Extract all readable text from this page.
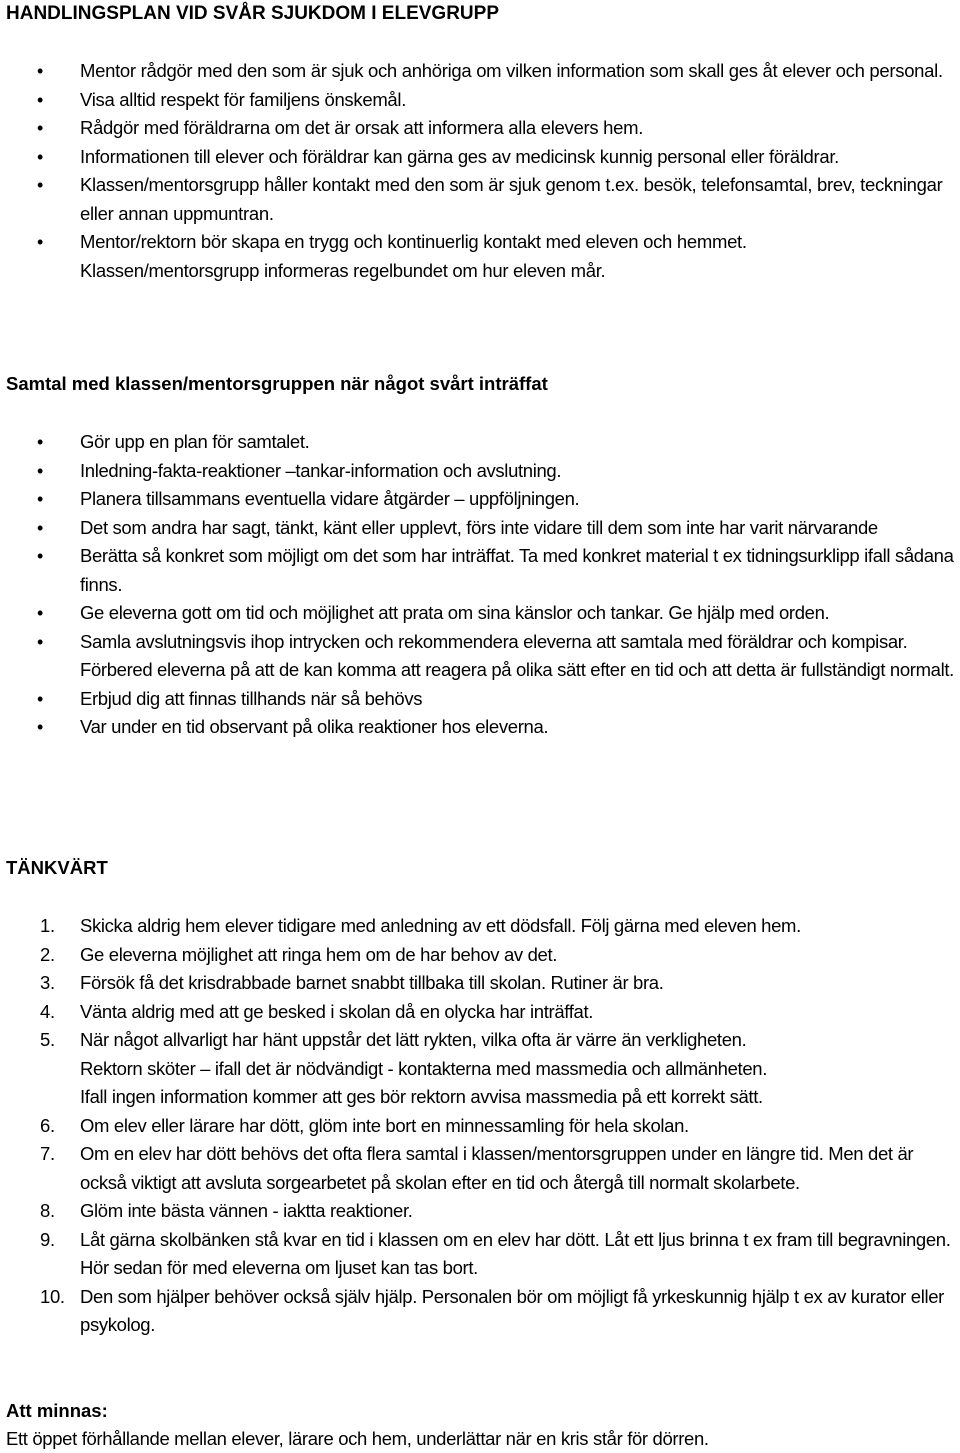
HANDLINGSPLAN VID SVÅR SJUKDOM I ELEVGRUPP
• Mentor rådgör med den som är sjuk och anhöriga om vilken information som skall ges åt elever och personal.
• Visa alltid respekt för familjens önskemål.
• Rådgör med föräldrarna om det är orsak att informera alla elevers hem.
• Informationen till elever och föräldrar kan gärna ges av medicinsk kunnig personal eller föräldrar.
• Klassen/mentorsgrupp håller kontakt med den som är sjuk genom t.ex. besök, telefonsamtal, brev, teckningar eller annan uppmuntran.
• Mentor/rektorn bör skapa en trygg och kontinuerlig kontakt med eleven och hemmet.
Klassen/mentorsgrupp informeras regelbundet om hur eleven mår.
Samtal med klassen/mentorsgruppen när något svårt inträffat
• Gör upp en plan för samtalet.
• Inledning-fakta-reaktioner –tankar-information och avslutning.
• Planera tillsammans eventuella vidare åtgärder – uppföljningen.
• Det som andra har sagt, tänkt, känt eller upplevt, förs inte vidare till dem som inte har varit närvarande
• Berätta så konkret som möjligt om det som har inträffat. Ta med konkret material t ex tidningsurklipp ifall sådana finns.
• Ge eleverna gott om tid och möjlighet att prata om sina känslor och tankar. Ge hjälp med orden.
• Samla avslutningsvis ihop intrycken och rekommendera eleverna att samtala med föräldrar och kompisar. Förbered eleverna på att de kan komma att reagera på olika sätt efter en tid och att detta är fullständigt normalt.
• Erbjud dig att finnas tillhands när så behövs
• Var under en tid observant på olika reaktioner hos eleverna.
TÄNKVÄRT
1.	Skicka aldrig hem elever tidigare med anledning av ett dödsfall. Följ gärna med eleven hem.
2.	Ge eleverna möjlighet att ringa hem om de har behov av det.
3.	Försök få det krisdrabbade barnet snabbt tillbaka till skolan. Rutiner är bra.
4.	Vänta aldrig med att ge besked i skolan då en olycka har inträffat.
5.	När något allvarligt har hänt uppstår det lätt rykten, vilka ofta är värre än verkligheten.
Rektorn sköter – ifall det är nödvändigt - kontakterna med massmedia och allmänheten.
Ifall ingen information kommer att ges bör rektorn avvisa massmedia på ett korrekt sätt.
6.	Om elev eller lärare har dött, glöm inte bort en minnessamling för hela skolan.
7.	Om en elev har dött behövs det ofta flera samtal i klassen/mentorsgruppen under en längre tid. Men det är också viktigt att avsluta sorgearbetet på skolan efter en tid och återgå till normalt skolarbete.
8.	Glöm inte bästa vännen - iaktta reaktioner.
9.	Låt gärna skolbänken stå kvar en tid i klassen om en elev har dött. Låt ett ljus brinna t ex fram till begravningen. Hör sedan för med eleverna om ljuset kan tas bort.
10. Den som hjälper behöver också själv hjälp. Personalen bör om möjligt få yrkeskunnig hjälp t ex av kurator eller psykolog.
Att minnas:
Ett öppet förhållande mellan elever, lärare och hem, underlättar när en kris står för dörren.
